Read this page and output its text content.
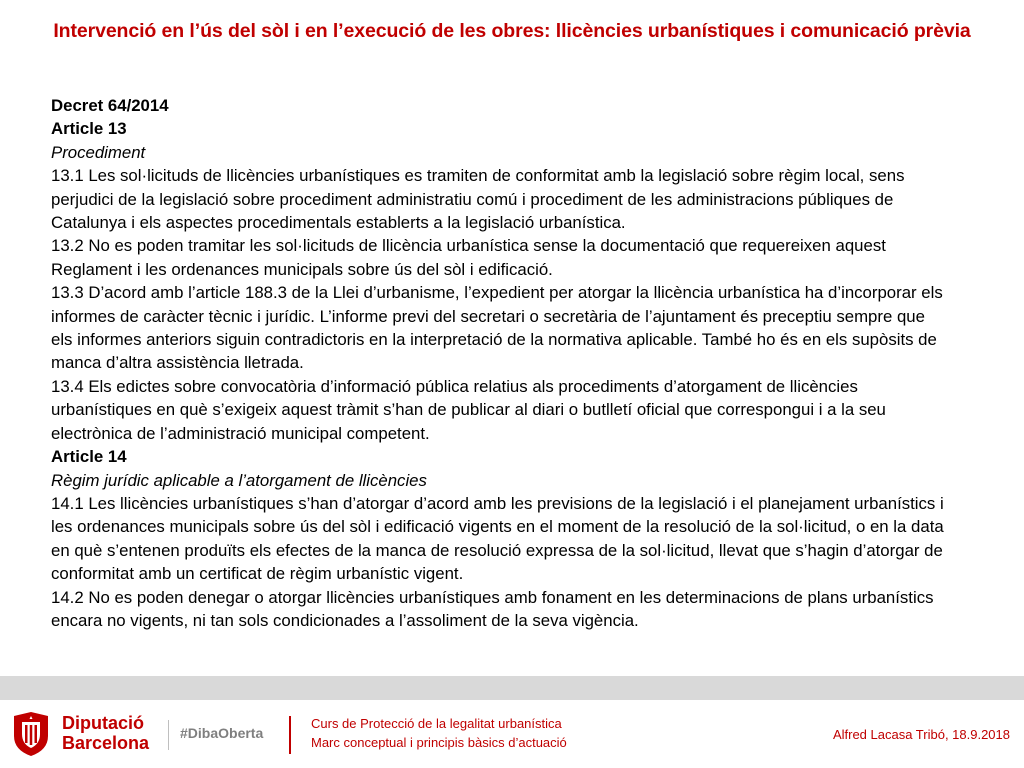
Intervenció en l’ús del sòl i en l’execució de les obres: llicències urbanístiques i comunicació prèvia
Decret 64/2014
Article 13
Procediment
13.1 Les sol·licituds de llicències urbanístiques es tramiten de conformitat amb la legislació sobre règim local, sens perjudici de la legislació sobre procediment administratiu comú i procediment de les administracions públiques de Catalunya i els aspectes procedimentals establerts a la legislació urbanística.
13.2 No es poden tramitar les sol·licituds de llicència urbanística sense la documentació que requereixen aquest Reglament i les ordenances municipals sobre ús del sòl i edificació.
13.3 D’acord amb l’article 188.3 de la Llei d’urbanisme, l’expedient per atorgar la llicència urbanística ha d’incorporar els informes de caràcter tècnic i jurídic. L’informe previ del secretari o secretària de l’ajuntament és preceptiu sempre que els informes anteriors siguin contradictoris en la interpretació de la normativa aplicable. També ho és en els supòsits de manca d’altra assistència lletrada.
13.4 Els edictes sobre convocatòria d’informació pública relatius als procediments d’atorgament de llicències urbanístiques en què s’exigeix aquest tràmit s’han de publicar al diari o butlletí oficial que correspongui i a la seu electrònica de l’administració municipal competent.
Article 14
Règim jurídic aplicable a l’atorgament de llicències
14.1 Les llicències urbanístiques s’han d’atorgar d’acord amb les previsions de la legislació i el planejament urbanístics i les ordenances municipals sobre ús del sòl i edificació vigents en el moment de la resolució de la sol·licitud, o en la data en què s’entenen produïts els efectes de la manca de resolució expressa de la sol·licitud, llevat que s’hagin d’atorgar de conformitat amb un certificat de règim urbanístic vigent.
14.2 No es poden denegar o atorgar llicències urbanístiques amb fonament en les determinacions de plans urbanístics encara no vigents, ni tan sols condicionades a l’assoliment de la seva vigència.
Diputació
Barcelona #DibaOberta
Curs de Protecció de la legalitat urbanística
Marc conceptual i principis bàsics d’actuació
Alfred Lacasa Tribó, 18.9.2018
